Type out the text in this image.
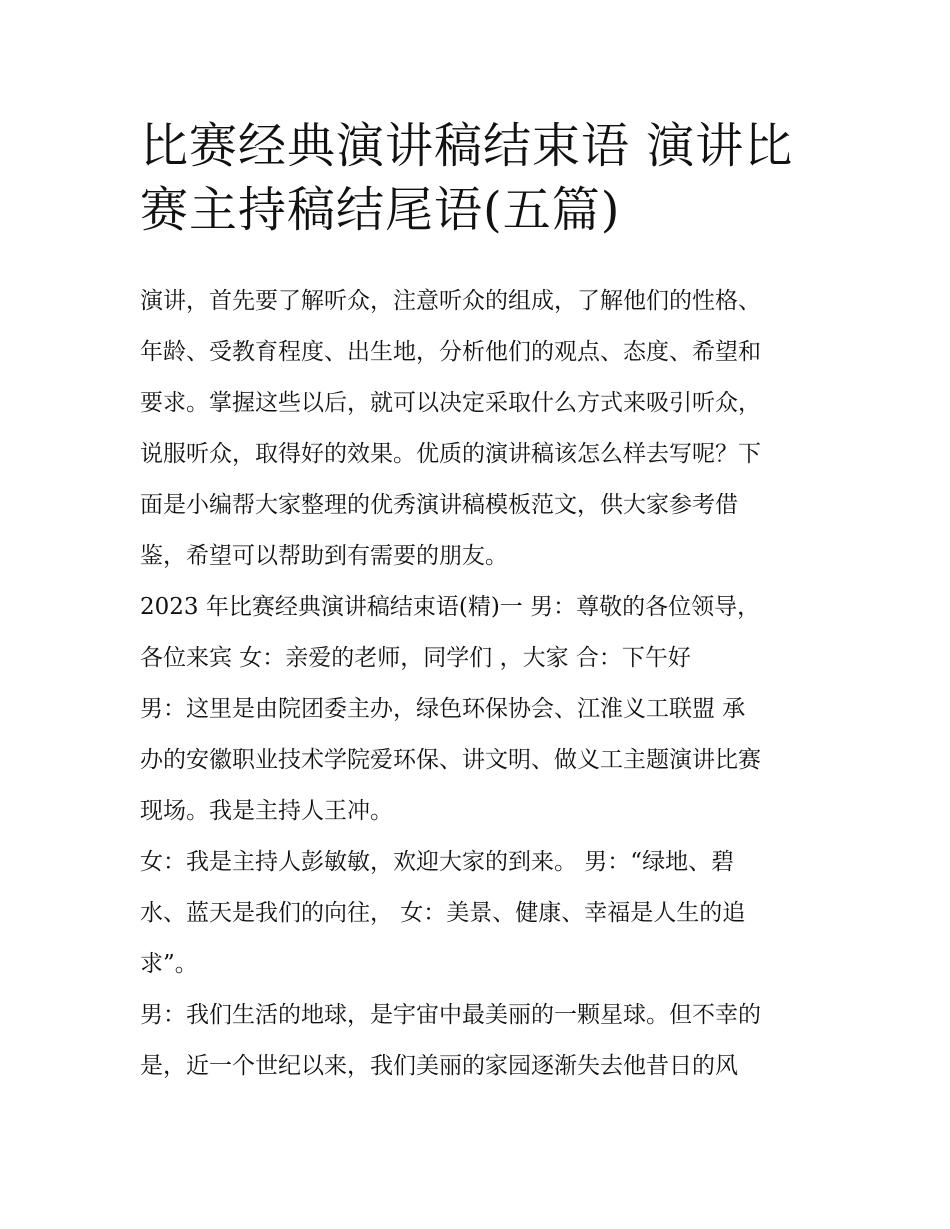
比赛经典演讲稿结束语 演讲比
赛主持稿结尾语(五篇)

演讲，首先要了解听众，注意听众的组成，了解他们的性格、
年龄、受教育程度、出生地，分析他们的观点、态度、希望和
要求。掌握这些以后，就可以决定采取什么方式来吸引听众，
说服听众，取得好的效果。优质的演讲稿该怎么样去写呢？下
面是小编帮大家整理的优秀演讲稿模板范文，供大家参考借
鉴，希望可以帮助到有需要的朋友。

2023 年比赛经典演讲稿结束语(精)一 男：尊敬的各位领导，
各位来宾 女：亲爱的老师，同学们 ，大家 合：下午好

男：这里是由院团委主办，绿色环保协会、江淮义工联盟 承
办的安徽职业技术学院爱环保、讲文明、做义工主题演讲比赛
现场。我是主持人王冲。

女：我是主持人彭敏敏，欢迎大家的到来。 男：“绿地、碧
水、蓝天是我们的向往， 女：美景、健康、幸福是人生的追
求”。

男：我们生活的地球，是宇宙中最美丽的一颗星球。但不幸的
是，近一个世纪以来，我们美丽的家园逐渐失去他昔日的风
